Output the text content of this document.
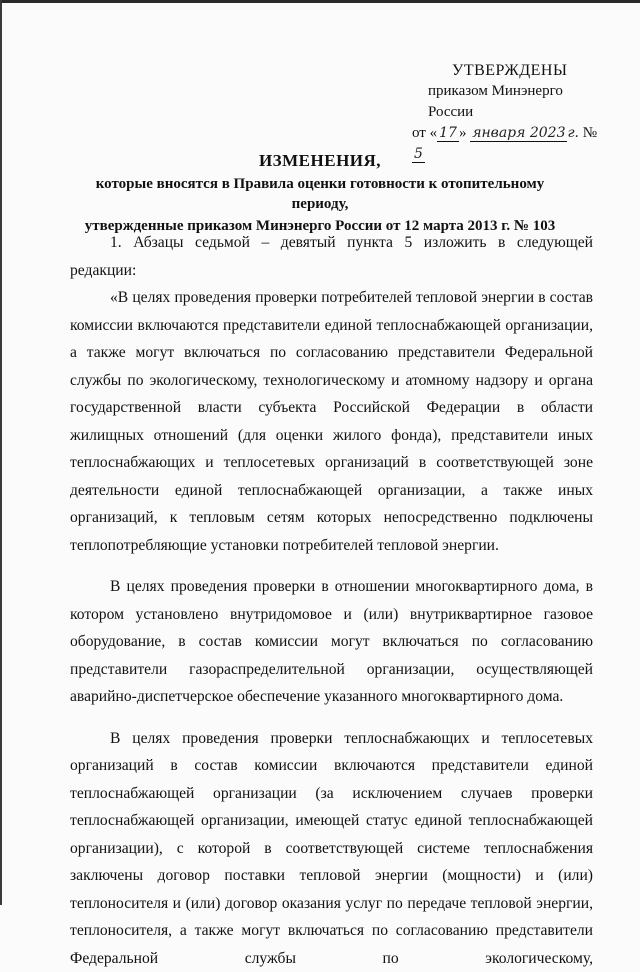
УТВЕРЖДЕНЫ
приказом Минэнерго России
от « 17 » января 2023 г. № 5
ИЗМЕНЕНИЯ,
которые вносятся в Правила оценки готовности к отопительному периоду,
утвержденные приказом Минэнерго России от 12 марта 2013 г. № 103

1. Абзацы седьмой – девятый пункта 5 изложить в следующей редакции:

«В целях проведения проверки потребителей тепловой энергии в состав комиссии включаются представители единой теплоснабжающей организации, а также могут включаться по согласованию представители Федеральной службы по экологическому, технологическому и атомному надзору и органа государственной власти субъекта Российской Федерации в области жилищных отношений (для оценки жилого фонда), представители иных теплоснабжающих и теплосетевых организаций в соответствующей зоне деятельности единой теплоснабжающей организации, а также иных организаций, к тепловым сетям которых непосредственно подключены теплопотребляющие установки потребителей тепловой энергии.

В целях проведения проверки в отношении многоквартирного дома, в котором установлено внутридомовое и (или) внутриквартирное газовое оборудование, в состав комиссии могут включаться по согласованию представители газораспределительной организации, осуществляющей аварийно-диспетчерское обеспечение указанного многоквартирного дома.

В целях проведения проверки теплоснабжающих и теплосетевых организаций в состав комиссии включаются представители единой теплоснабжающей организации (за исключением случаев проверки теплоснабжающей организации, имеющей статус единой теплоснабжающей организации), с которой в соответствующей системе теплоснабжения заключены договор поставки тепловой энергии (мощности) и (или) теплоносителя и (или) договор оказания услуг по передаче тепловой энергии, теплоносителя, а также могут включаться по согласованию представители Федеральной службы по экологическому,
